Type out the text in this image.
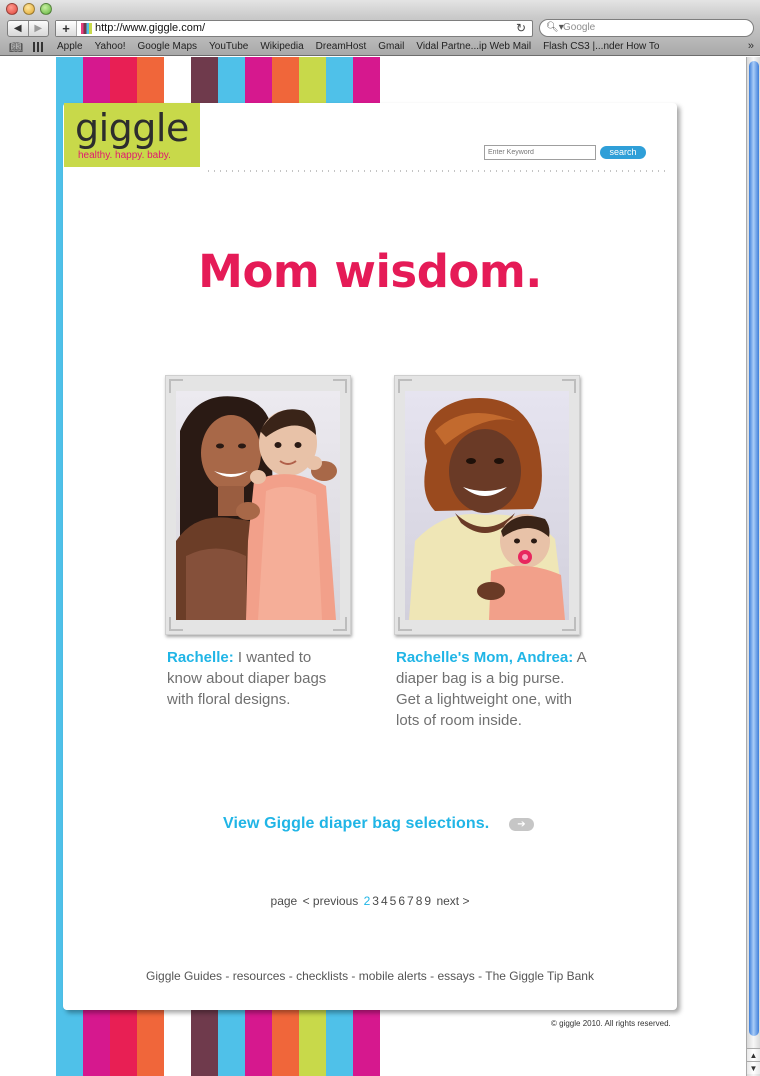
◀	▶	+	http://www.giggle.com/	↻ 🔍︎▾ Google
📖︎	Apple Yahoo! Google Maps YouTube Wikipedia DreamHost Gmail Vidal Partne...ip Web Mail Flash CS3 |...nder How To	»
giggle
healthy. happy. baby.
Enter Keyword	search
Mom wisdom.

Rachelle: I wanted to know about diaper bags with floral designs.

Rachelle's Mom, Andrea: A diaper bag is a big purse. Get a lightweight one, with lots of room inside.

View Giggle diaper bag selections.	➔
page < previous 2 3 4 5 6 7 8 9 next >
Giggle Guides - resources - checklists - mobile alerts - essays - The Giggle Tip Bank
© giggle 2010. All rights reserved.
▲
▼
